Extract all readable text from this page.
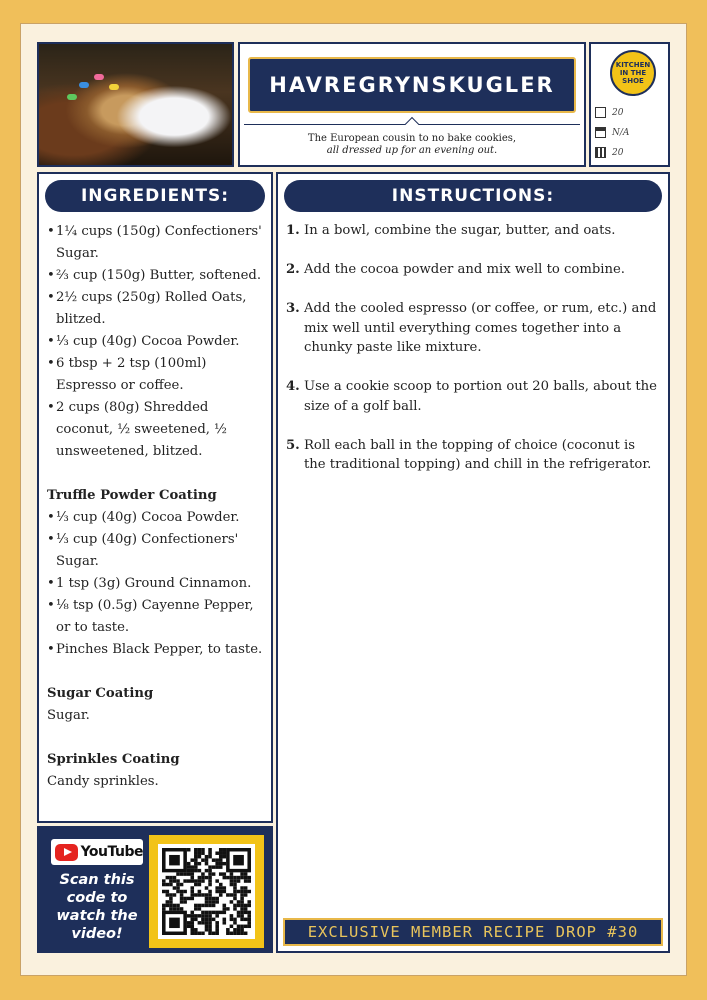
HAVREGRYNSKUGLER
The European cousin to no bake cookies,
all dressed up for an evening out.
KITCHEN IN THE SHOE
20
N/A
20
INGREDIENTS:
• 1¼ cups (150g) Confectioners' Sugar.
• ⅔ cup (150g) Butter, softened.
• 2½ cups (250g) Rolled Oats, blitzed.
• ⅓ cup (40g) Cocoa Powder.
• 6 tbsp + 2 tsp (100ml) Espresso or coffee.
• 2 cups (80g) Shredded coconut, ½ sweetened, ½ unsweetened, blitzed.
Truffle Powder Coating
• ⅓ cup (40g) Cocoa Powder.
• ⅓ cup (40g) Confectioners' Sugar.
• 1 tsp (3g) Ground Cinnamon.
• ⅛ tsp (0.5g) Cayenne Pepper, or to taste.
• Pinches Black Pepper, to taste.
Sugar Coating

Sugar.

Sprinkles Coating

Candy sprinkles.

INSTRUCTIONS:
1. In a bowl, combine the sugar, butter, and oats.
2. Add the cocoa powder and mix well to combine.
3. Add the cooled espresso (or coffee, or rum, etc.) and mix well until everything comes together into a chunky paste like mixture.
4. Use a cookie scoop to portion out 20 balls, about the size of a golf ball.
5. Roll each ball in the topping of choice (coconut is the traditional topping) and chill in the refrigerator.
EXCLUSIVE MEMBER RECIPE DROP #30
YouTube
Scan this code to watch the video!
